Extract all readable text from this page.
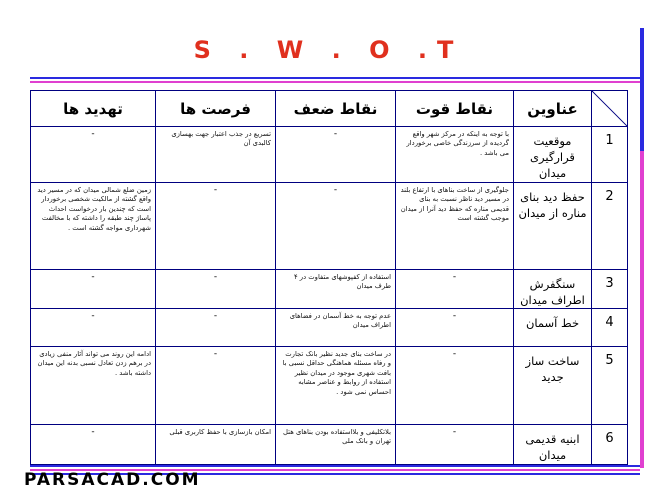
S . W . O .T
	عناوین	نقاط قوت	نقاط ضعف	فرصت ها	تهدید ها
1	موقعیت قرارگیری میدان	با توجه به اینکه در مرکز شهر واقع گردیده از سرزندگی خاصی برخوردار می باشد .	-	تسریع در جذب اعتبار جهت بهسازی کالبدی آن	-
2	حفظ دید بنای مناره از میدان	جلوگیری از ساخت بناهای با ارتفاع بلند در مسیر دید ناظر نسبت به بنای قدیمی مناره که حفظ دید آنرا از میدان موجب گشته است	-	-	زمین ضلع شمالی میدان که در مسیر دید واقع گشته از مالکیت شخصی برخوردار است که چندین بار درخواست احداث پاساژ چند طبقه را داشته که با مخالفت شهرداری مواجه گشته است .
3	سنگفرش اطراف میدان	-	استفاده از کفپوشهای متفاوت در ۴ طرف میدان	-	-
4	خط آسمان	-	عدم توجه به خط آسمان در فضاهای اطراف میدان	-	-
5	ساخت ساز جدید	-	در ساخت بنای جدید نظیر بانک تجارت و رفاه مسئله هماهنگی حداقل نسبی با بافت شهری موجود در میدان نظیر استفاده از روابط و عناصر مشابه احساس نمی شود .	-	ادامه این روند می تواند آثار منفی زیادی در برهم زدن تعادل نسبی بدنه این میدان داشته باشد .
6	ابنیه قدیمی میدان	-	بلاتکلیفی و بلااستفاده بودن بناهای هتل تهران و بانک ملی	امکان بازسازی با حفظ کاربری قبلی	-
PARSACAD.COM
